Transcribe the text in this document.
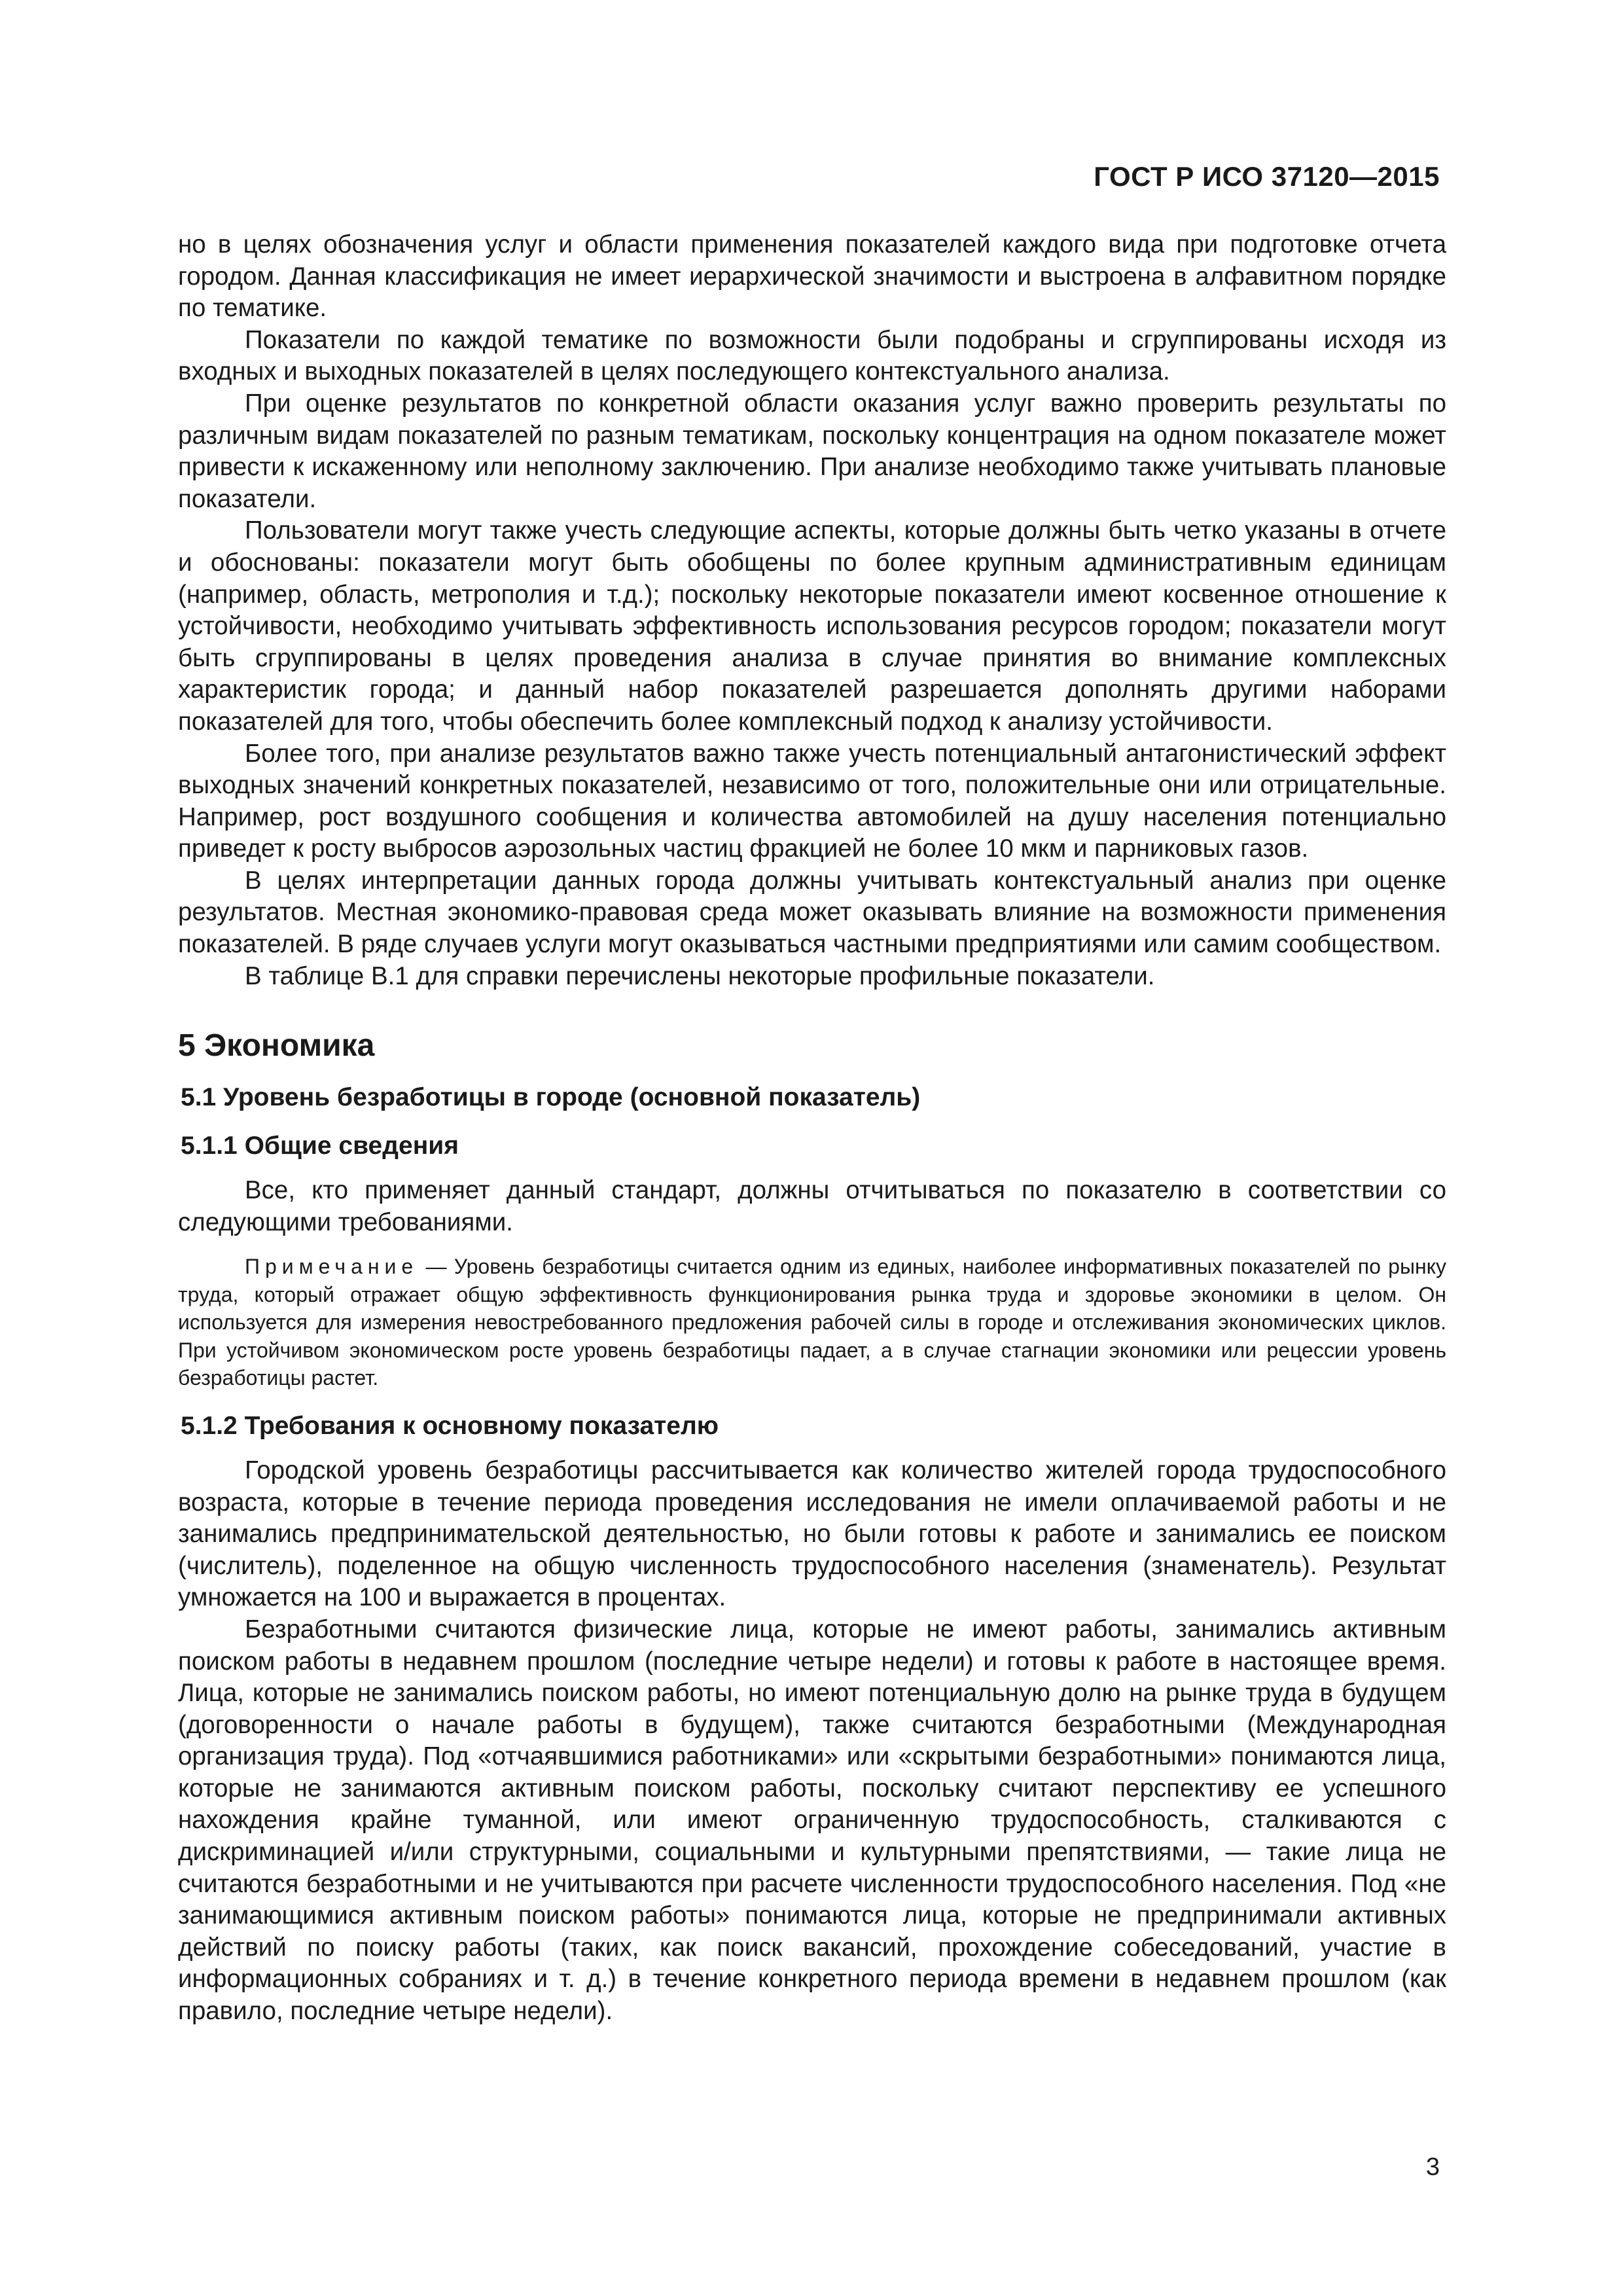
ГОСТ Р ИСО 37120—2015

но в целях обозначения услуг и области применения показателей каждого вида при подготовке отчета городом. Данная классификация не имеет иерархической значимости и выстроена в алфавитном порядке по тематике.

Показатели по каждой тематике по возможности были подобраны и сгруппированы исходя из входных и выходных показателей в целях последующего контекстуального анализа.

При оценке результатов по конкретной области оказания услуг важно проверить результаты по различным видам показателей по разным тематикам, поскольку концентрация на одном показателе может привести к искаженному или неполному заключению. При анализе необходимо также учитывать плановые показатели.

Пользователи могут также учесть следующие аспекты, которые должны быть четко указаны в отчете и обоснованы: показатели могут быть обобщены по более крупным административным единицам (например, область, метрополия и т.д.); поскольку некоторые показатели имеют косвенное отношение к устойчивости, необходимо учитывать эффективность использования ресурсов городом; показатели могут быть сгруппированы в целях проведения анализа в случае принятия во внимание комплексных характеристик города; и данный набор показателей разрешается дополнять другими наборами показателей для того, чтобы обеспечить более комплексный подход к анализу устойчивости.

Более того, при анализе результатов важно также учесть потенциальный антагонистический эффект выходных значений конкретных показателей, независимо от того, положительные они или отрицательные. Например, рост воздушного сообщения и количества автомобилей на душу населения потенциально приведет к росту выбросов аэрозольных частиц фракцией не более 10 мкм и парниковых газов.

В целях интерпретации данных города должны учитывать контекстуальный анализ при оценке результатов. Местная экономико-правовая среда может оказывать влияние на возможности применения показателей. В ряде случаев услуги могут оказываться частными предприятиями или самим сообществом.

В таблице B.1 для справки перечислены некоторые профильные показатели.

5 Экономика
5.1 Уровень безработицы в городе (основной показатель)
5.1.1 Общие сведения

Все, кто применяет данный стандарт, должны отчитываться по показателю в соответствии со следующими требованиями.

Примечание — Уровень безработицы считается одним из единых, наиболее информативных показателей по рынку труда, который отражает общую эффективность функционирования рынка труда и здоровье экономики в целом. Он используется для измерения невостребованного предложения рабочей силы в городе и отслеживания экономических циклов. При устойчивом экономическом росте уровень безработицы падает, а в случае стагнации экономики или рецессии уровень безработицы растет.

5.1.2 Требования к основному показателю

Городской уровень безработицы рассчитывается как количество жителей города трудоспособного возраста, которые в течение периода проведения исследования не имели оплачиваемой работы и не занимались предпринимательской деятельностью, но были готовы к работе и занимались ее поиском (числитель), поделенное на общую численность трудоспособного населения (знаменатель). Результат умножается на 100 и выражается в процентах.

Безработными считаются физические лица, которые не имеют работы, занимались активным поиском работы в недавнем прошлом (последние четыре недели) и готовы к работе в настоящее время. Лица, которые не занимались поиском работы, но имеют потенциальную долю на рынке труда в будущем (договоренности о начале работы в будущем), также считаются безработными (Международная организация труда). Под «отчаявшимися работниками» или «скрытыми безработными» понимаются лица, которые не занимаются активным поиском работы, поскольку считают перспективу ее успешного нахождения крайне туманной, или имеют ограниченную трудоспособность, сталкиваются с дискриминацией и/или структурными, социальными и культурными препятствиями, — такие лица не считаются безработными и не учитываются при расчете численности трудоспособного населения. Под «не занимающимися активным поиском работы» понимаются лица, которые не предпринимали активных действий по поиску работы (таких, как поиск вакансий, прохождение собеседований, участие в информационных собраниях и т. д.) в течение конкретного периода времени в недавнем прошлом (как правило, последние четыре недели).

3
